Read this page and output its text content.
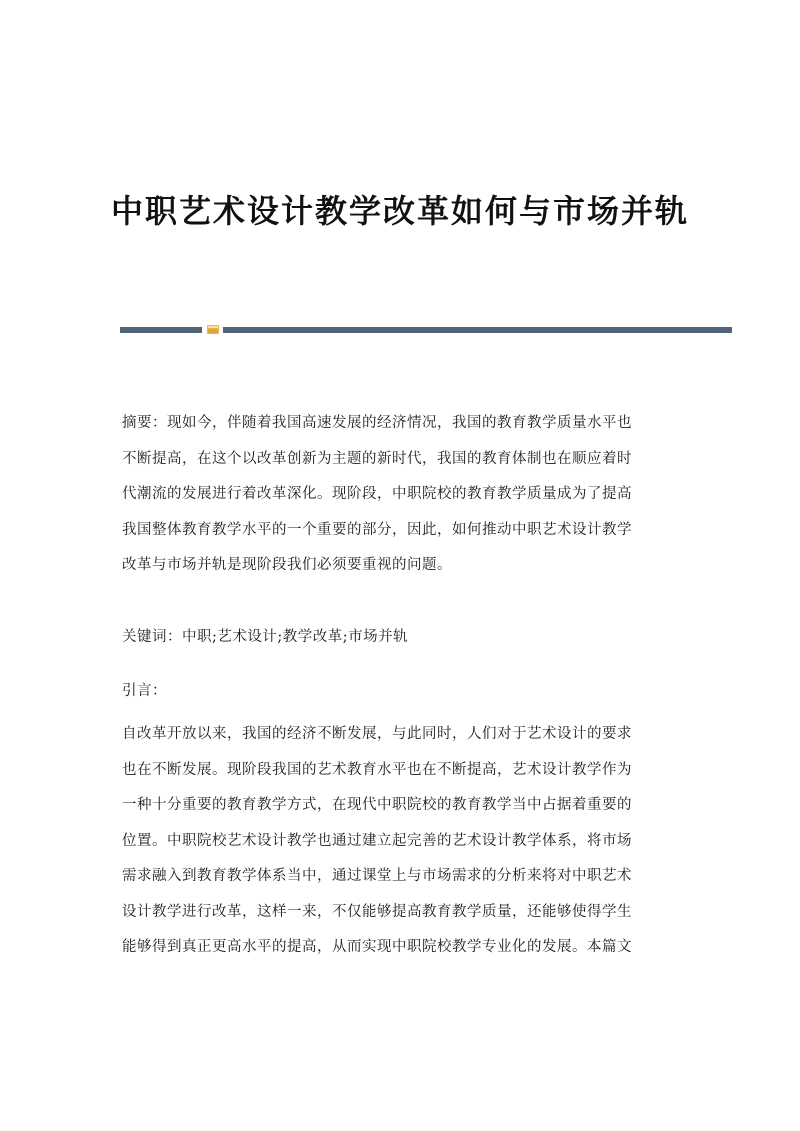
中职艺术设计教学改革如何与市场并轨
摘要：现如今，伴随着我国高速发展的经济情况，我国的教育教学质量水平也
不断提高，在这个以改革创新为主题的新时代，我国的教育体制也在顺应着时
代潮流的发展进行着改革深化。现阶段，中职院校的教育教学质量成为了提高
我国整体教育教学水平的一个重要的部分，因此，如何推动中职艺术设计教学
改革与市场并轨是现阶段我们必须要重视的问题。
关键词：中职;艺术设计;教学改革;市场并轨
引言：
自改革开放以来，我国的经济不断发展，与此同时，人们对于艺术设计的要求
也在不断发展。现阶段我国的艺术教育水平也在不断提高，艺术设计教学作为
一种十分重要的教育教学方式，在现代中职院校的教育教学当中占据着重要的
位置。中职院校艺术设计教学也通过建立起完善的艺术设计教学体系，将市场
需求融入到教育教学体系当中，通过课堂上与市场需求的分析来将对中职艺术
设计教学进行改革，这样一来，不仅能够提高教育教学质量，还能够使得学生
能够得到真正更高水平的提高，从而实现中职院校教学专业化的发展。本篇文
